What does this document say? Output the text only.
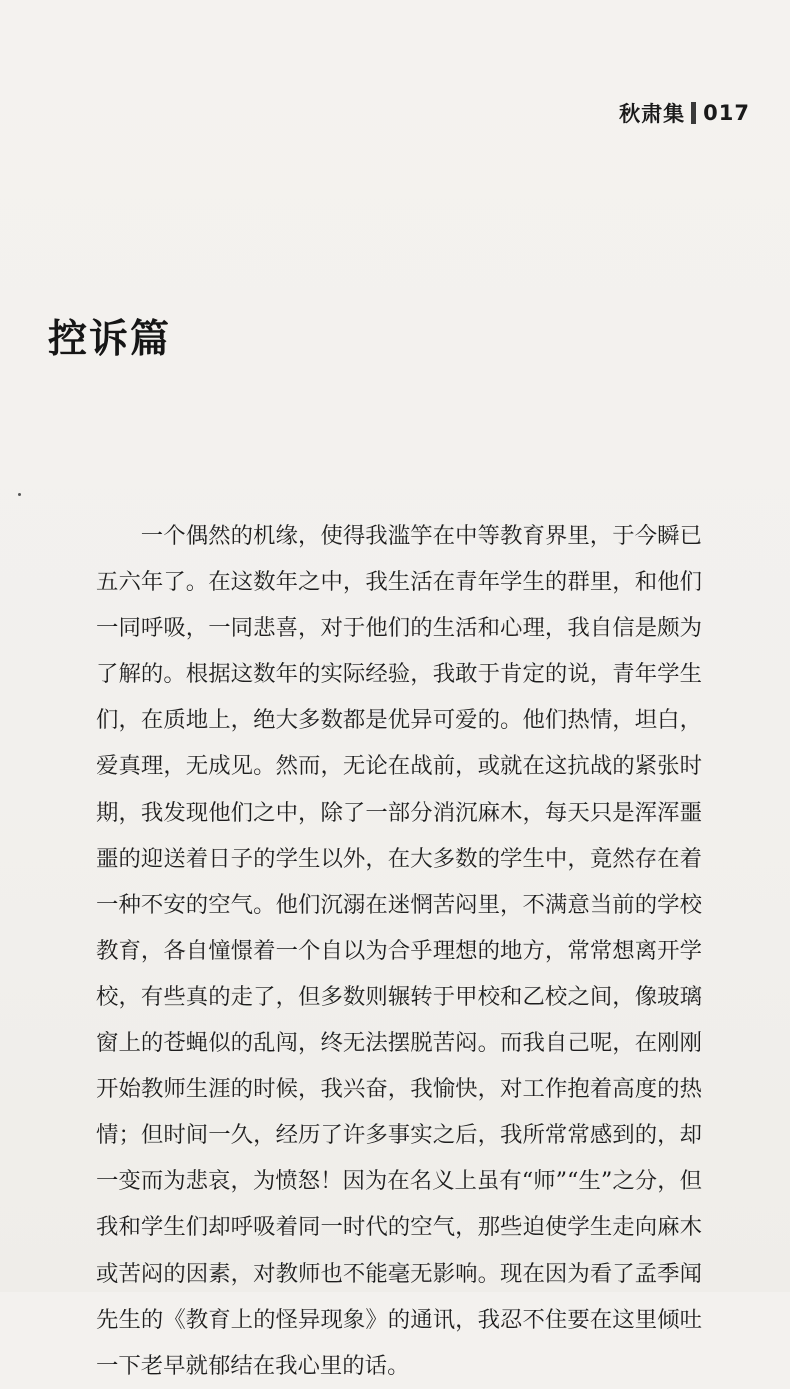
秋肃集 017
控诉篇

一个偶然的机缘，使得我滥竽在中等教育界里，于今瞬已五六年了。在这数年之中，我生活在青年学生的群里，和他们一同呼吸，一同悲喜，对于他们的生活和心理，我自信是颇为了解的。根据这数年的实际经验，我敢于肯定的说，青年学生们，在质地上，绝大多数都是优异可爱的。他们热情，坦白，爱真理，无成见。然而，无论在战前，或就在这抗战的紧张时期，我发现他们之中，除了一部分消沉麻木，每天只是浑浑噩噩的迎送着日子的学生以外，在大多数的学生中，竟然存在着一种不安的空气。他们沉溺在迷惘苦闷里，不满意当前的学校教育，各自憧憬着一个自以为合乎理想的地方，常常想离开学校，有些真的走了，但多数则辗转于甲校和乙校之间，像玻璃窗上的苍蝇似的乱闯，终无法摆脱苦闷。而我自己呢，在刚刚开始教师生涯的时候，我兴奋，我愉快，对工作抱着高度的热情；但时间一久，经历了许多事实之后，我所常常感到的，却一变而为悲哀，为愤怒！因为在名义上虽有“师”“生”之分，但我和学生们却呼吸着同一时代的空气，那些迫使学生走向麻木或苦闷的因素，对教师也不能毫无影响。现在因为看了孟季闻先生的《教育上的怪异现象》的通讯，我忍不住要在这里倾吐一下老早就郁结在我心里的话。
